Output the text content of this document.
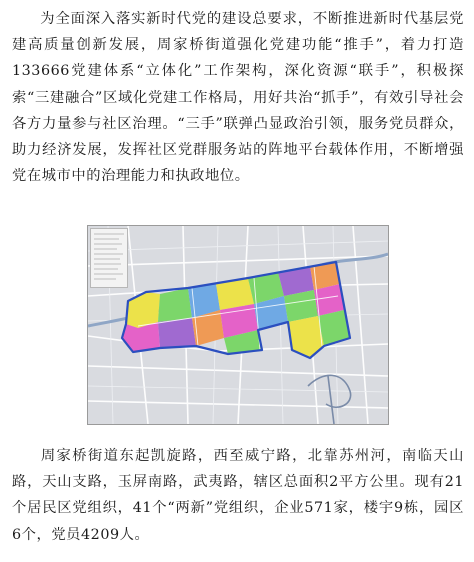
为全面深入落实新时代党的建设总要求，不断推进新时代基层党建高质量创新发展，周家桥街道强化党建功能“推手”，着力打造133666党建体系“立体化”工作架构，深化资源“联手”，积极探索“三建融合”区域化党建工作格局，用好共治“抓手”，有效引导社会各方力量参与社区治理。“三手”联弹凸显政治引领，服务党员群众，助力经济发展，发挥社区党群服务站的阵地平台载体作用，不断增强党在城市中的治理能力和执政地位。

周家桥街道东起凯旋路，西至威宁路，北靠苏州河，南临天山路，天山支路，玉屏南路，武夷路，辖区总面积2平方公里。现有21个居民区党组织，41个“两新”党组织，企业571家，楼宇9栋，园区6个，党员4209人。
